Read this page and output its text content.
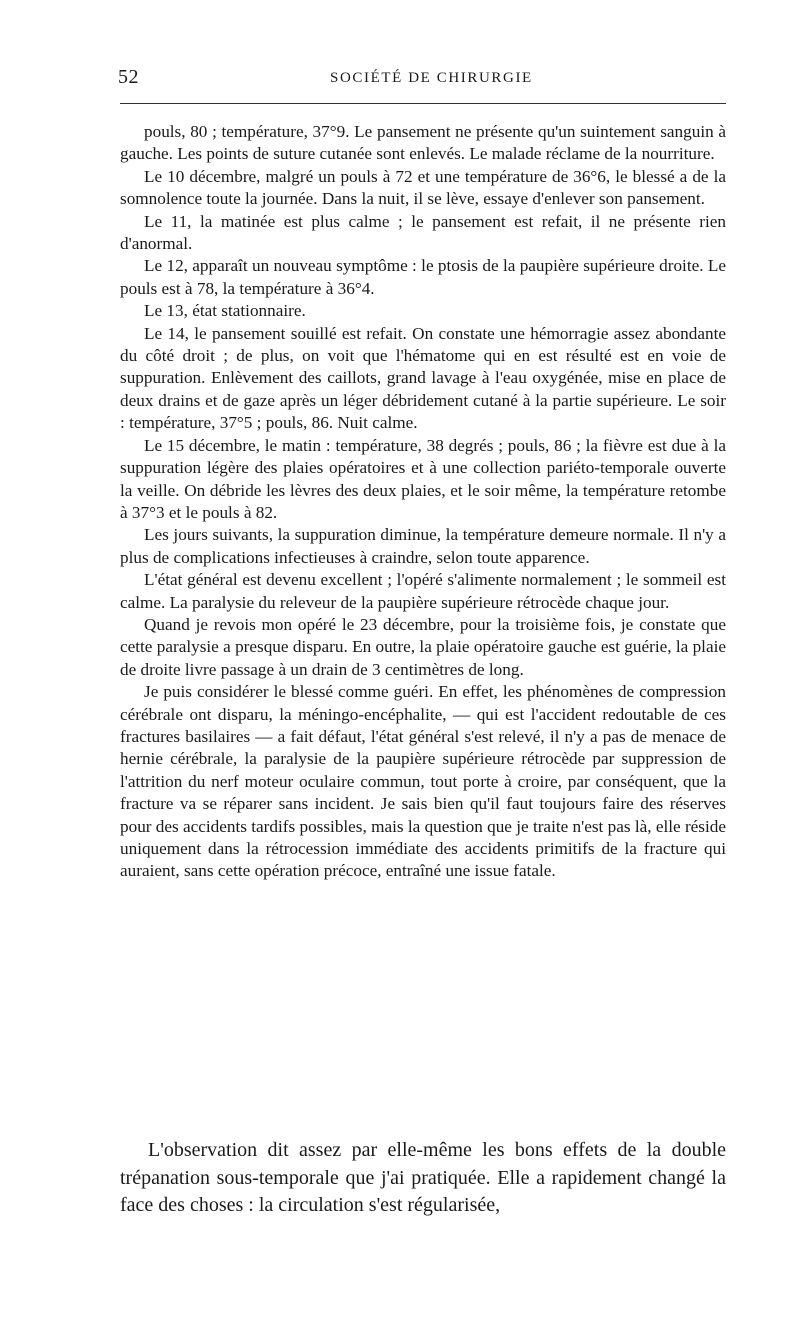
52	SOCIÉTÉ DE CHIRURGIE

pouls, 80 ; température, 37°9. Le pansement ne présente qu'un suintement sanguin à gauche. Les points de suture cutanée sont enlevés. Le malade réclame de la nourriture.

Le 10 décembre, malgré un pouls à 72 et une température de 36°6, le blessé a de la somnolence toute la journée. Dans la nuit, il se lève, essaye d'enlever son pansement.

Le 11, la matinée est plus calme ; le pansement est refait, il ne présente rien d'anormal.

Le 12, apparaît un nouveau symptôme : le ptosis de la paupière supérieure droite. Le pouls est à 78, la température à 36°4.

Le 13, état stationnaire.

Le 14, le pansement souillé est refait. On constate une hémorragie assez abondante du côté droit ; de plus, on voit que l'hématome qui en est résulté est en voie de suppuration. Enlèvement des caillots, grand lavage à l'eau oxygénée, mise en place de deux drains et de gaze après un léger débridement cutané à la partie supérieure. Le soir : température, 37°5 ; pouls, 86. Nuit calme.

Le 15 décembre, le matin : température, 38 degrés ; pouls, 86 ; la fièvre est due à la suppuration légère des plaies opératoires et à une collection pariéto-temporale ouverte la veille. On débride les lèvres des deux plaies, et le soir même, la température retombe à 37°3 et le pouls à 82.

Les jours suivants, la suppuration diminue, la température demeure normale. Il n'y a plus de complications infectieuses à craindre, selon toute apparence.

L'état général est devenu excellent ; l'opéré s'alimente normalement ; le sommeil est calme. La paralysie du releveur de la paupière supérieure rétrocède chaque jour.

Quand je revois mon opéré le 23 décembre, pour la troisième fois, je constate que cette paralysie a presque disparu. En outre, la plaie opératoire gauche est guérie, la plaie de droite livre passage à un drain de 3 centimètres de long.

Je puis considérer le blessé comme guéri. En effet, les phénomènes de compression cérébrale ont disparu, la méningo-encéphalite, — qui est l'accident redoutable de ces fractures basilaires — a fait défaut, l'état général s'est relevé, il n'y a pas de menace de hernie cérébrale, la paralysie de la paupière supérieure rétrocède par suppression de l'attrition du nerf moteur oculaire commun, tout porte à croire, par conséquent, que la fracture va se réparer sans incident. Je sais bien qu'il faut toujours faire des réserves pour des accidents tardifs possibles, mais la question que je traite n'est pas là, elle réside uniquement dans la rétrocession immédiate des accidents primitifs de la fracture qui auraient, sans cette opération précoce, entraîné une issue fatale.

L'observation dit assez par elle-même les bons effets de la double trépanation sous-temporale que j'ai pratiquée. Elle a rapidement changé la face des choses : la circulation s'est régularisée,
